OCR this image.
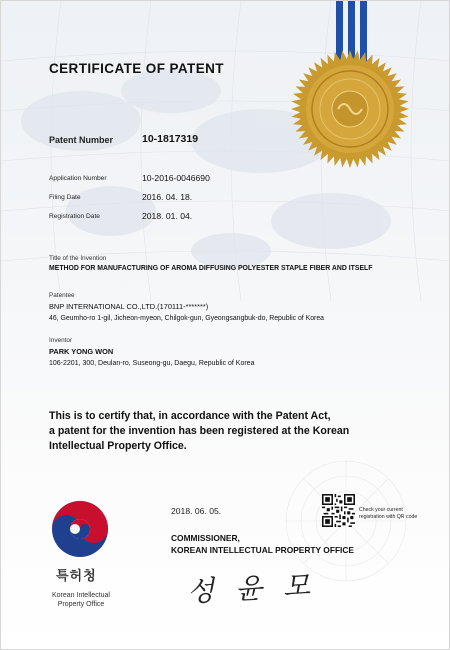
CERTIFICATE OF PATENT
Patent Number	10-1817319
Application Number	10-2016-0046690
Filing Date	2016. 04. 18.
Registration Date	2018. 01. 04.
Title of the Invention
METHOD FOR MANUFACTURING OF AROMA DIFFUSING POLYESTER STAPLE FIBER AND ITSELF
Patentee
BNP INTERNATIONAL CO.,LTD.(170111-*******)
46, Geumho-ro 1-gil, Jicheon-myeon, Chilgok-gun, Gyeongsangbuk-do, Republic of Korea
Inventor
PARK YONG WON
106-2201, 300, Deulan-ro, Suseong-gu, Daegu, Republic of Korea
This is to certify that, in accordance with the Patent Act,
a patent for the invention has been registered at the Korean
Intellectual Property Office.
2018. 06. 05.	Check your current
registration with QR code
COMMISSIONER,
KOREAN INTELLECTUAL PROPERTY OFFICE
특허청
Korean Intellectual
Property Office	성 윤 모
